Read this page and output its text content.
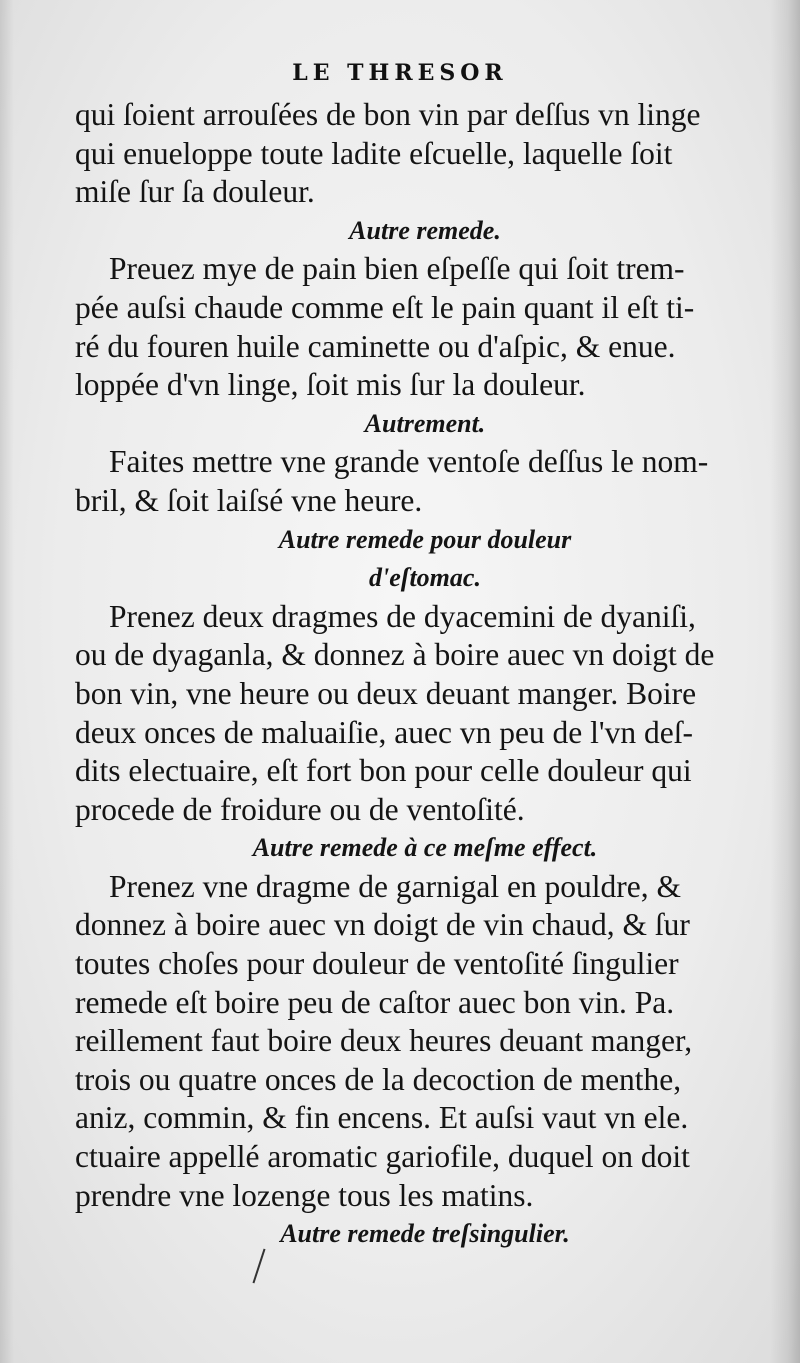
LE THRESOR
qui ſoient arrouſées de bon vin par deſſus vn linge
qui enueloppe toute ladite eſcuelle, laquelle ſoit
miſe ſur ſa douleur.
Autre remede.
Preuez mye de pain bien eſpeſſe qui ſoit trem-
pée auſsi chaude comme eſt le pain quant il eſt ti-
ré du fouren huile caminette ou d'aſpic, & enue.
loppée d'vn linge, ſoit mis ſur la douleur.
Autrement.
Faites mettre vne grande ventoſe deſſus le nom-
bril, & ſoit laiſsé vne heure.
Autre remede pour douleur
d'eſtomac.
Prenez deux dragmes de dyacemini de dyaniſi,
ou de dyaganla, & donnez à boire auec vn doigt de
bon vin, vne heure ou deux deuant manger. Boire
deux onces de maluaiſie, auec vn peu de l'vn deſ-
dits electuaire, eſt fort bon pour celle douleur qui
procede de froidure ou de ventoſité.
Autre remede à ce meſme effect.
Prenez vne dragme de garnigal en pouldre, &
donnez à boire auec vn doigt de vin chaud, & ſur
toutes choſes pour douleur de ventoſité ſingulier
remede eſt boire peu de caſtor auec bon vin. Pa.
reillement faut boire deux heures deuant manger,
trois ou quatre onces de la decoction de menthe,
aniz, commin, & fin encens. Et auſsi vaut vn ele.
ctuaire appellé aromatic gariofile, duquel on doit
prendre vne lozenge tous les matins.
Autre remede treſsingulier.
